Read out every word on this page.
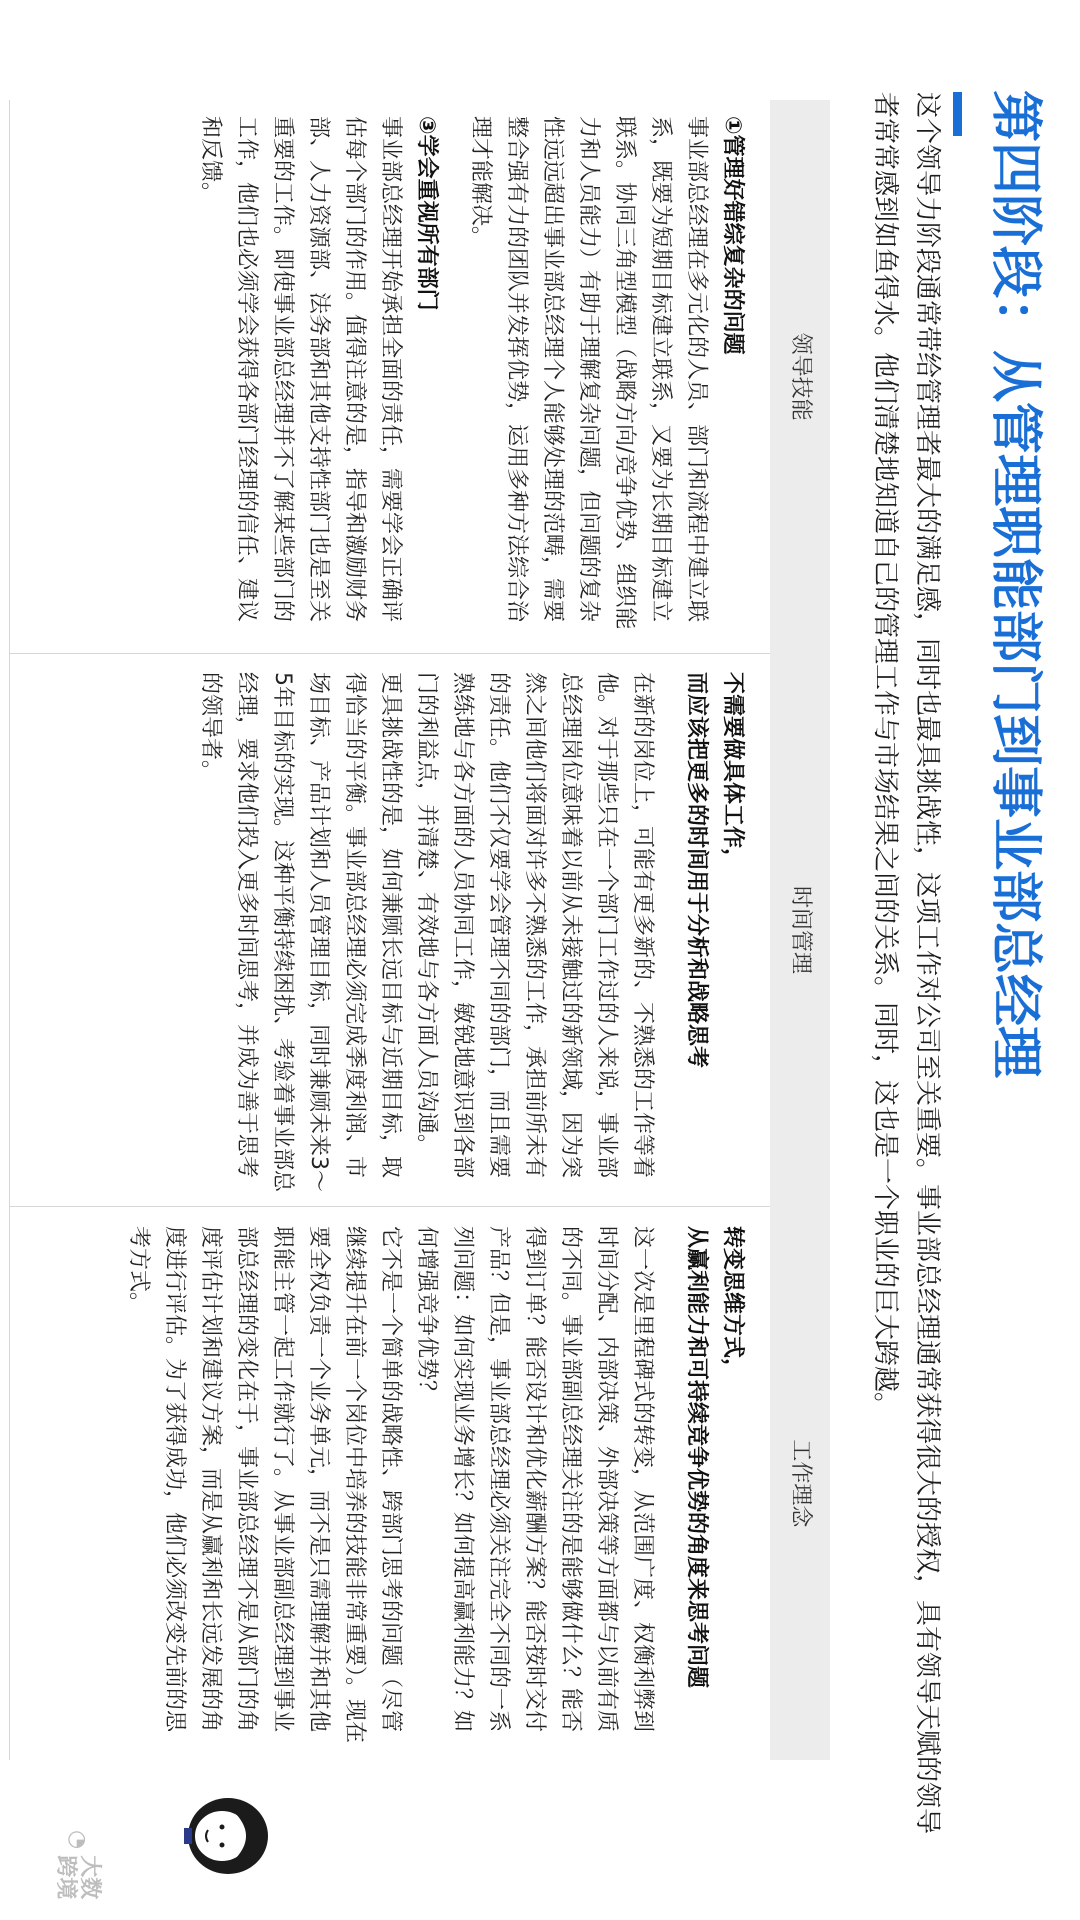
第四阶段：从管理职能部门到事业部总经理
这个领导力阶段通常带给管理者最大的满足感，同时也最具挑战性，这项工作对公司至关重要。事业部总经理通常获得很大的授权，具有领导天赋的领导者常常感到如鱼得水。他们清楚地知道自己的管理工作与市场结果之间的关系。同时，这也是一个职业的巨大跨越。
领导技能
时间管理
工作理念

①管理好错综复杂的问题

事业部总经理在多元化的人员、部门和流程中建立联系，既要为短期目标建立联系，又要为长期目标建立联系。协同三角型模型（战略方向/竞争优势、组织能力和人员能力）有助于理解复杂问题，但问题的复杂性远远超出事业部总经理个人能够处理的范畴，需要整合强有力的团队并发挥优势，运用多种方法综合治理才能解决。

③学会重视所有部门

事业部总经理开始承担全面的责任，需要学会正确评估每个部门的作用。值得注意的是，指导和激励财务部、人力资源部、法务部和其他支持性部门也是至关重要的工作。即使事业部总经理并不了解某些部门的工作，他们也必须学会获得各部门经理的信任、建议和反馈。

不需要做具体工作，

而应该把更多的时间用于分析和战略思考

在新的岗位上，可能有更多新的、不熟悉的工作等着他。对于那些只在一个部门工作过的人来说，事业部总经理岗位意味着以前从未接触过的新领域，因为突然之间他们将面对许多不熟悉的工作，承担前所未有的责任。他们不仅要学会管理不同的部门，而且需要熟练地与各方面的人员协同工作，敏锐地意识到各部门的利益点，并清楚、有效地与各方面人员沟通。

更具挑战性的是，如何兼顾长远目标与近期目标，取得恰当的平衡。事业部总经理必须完成季度利润、市场目标、产品计划和人员管理目标，同时兼顾未来3～5年目标的实现。这种平衡持续困扰、考验着事业部总经理，要求他们投入更多时间思考，并成为善于思考的领导者。

转变思维方式，

从赢利能力和可持续竞争优势的角度来思考问题

这一次是里程碑式的转变，从范围广度、权衡利弊到时间分配、内部决策、外部决策等方面都与以前有质的不同。事业部副总经理关注的是能够做什么？能否得到订单？能否设计和优化薪酬方案？能否按时交付产品？但是，事业部总经理必须关注完全不同的一系列问题：如何实现业务增长？如何提高赢利能力？如何增强竞争优势？

它不是一个简单的战略性、跨部门思考的问题（尽管继续提升在前一个岗位中培养的技能非常重要）。现在要全权负责一个业务单元，而不是只需理解并和其他职能主管一起工作就行了。从事业部副总经理到事业部总经理的变化在于，事业部总经理不是从部门的角度评估计划和建议方案，而是从赢利和长远发展的角度进行评估。为了获得成功，他们必须改变先前的思考方式。

◔
大数跨境
